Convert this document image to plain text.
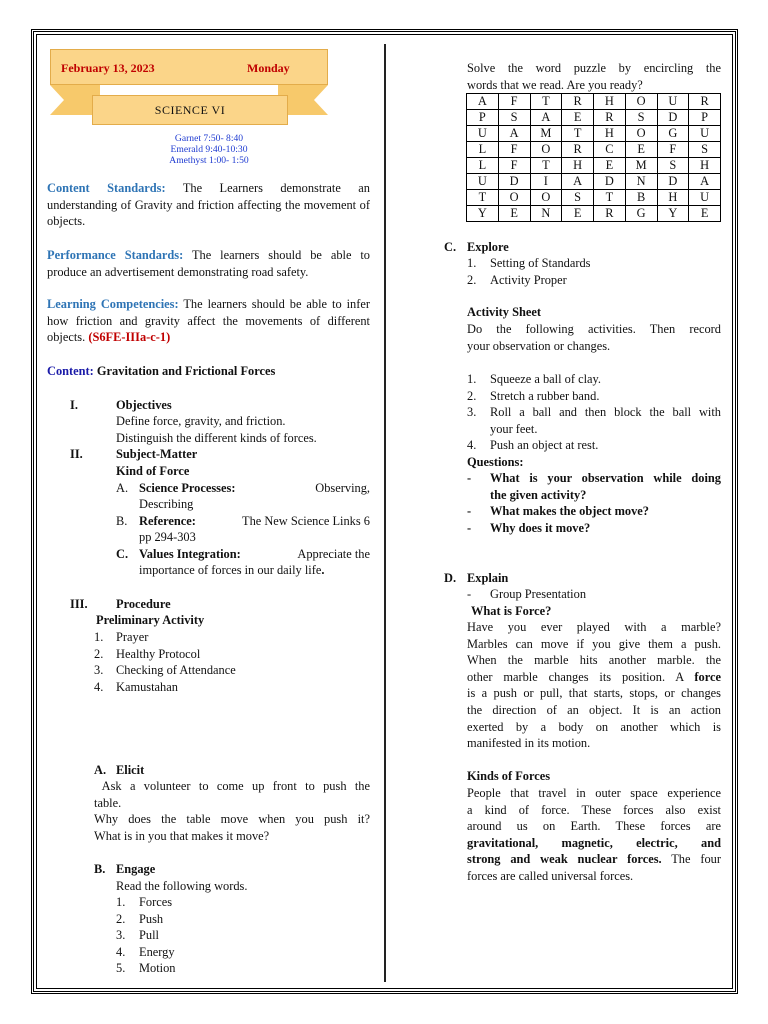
February 13, 2023	Monday
SCIENCE VI
Garnet 7:50- 8:40
Emerald 9:40-10:30
Amethyst 1:00- 1:50
Content Standards: The Learners demonstrate an understanding of Gravity and friction affecting the movement of objects.
Performance Standards: The learners should be able to produce an advertisement demonstrating road safety.
Learning Competencies: The learners should be able to infer how friction and gravity affect the movements of different objects. (S6FE-IIIa-c-1)
Content: Gravitation and Frictional Forces
I.	Objectives
Define force, gravity, and friction.
Distinguish the different kinds of forces.
II.	Subject-Matter
Kind of Force
A. Science Processes:	Observing,
Describing
B. Reference:	The New Science Links 6
pp 294-303
C. Values Integration:	Appreciate the
importance of forces in our daily life.
III. Procedure
Preliminary Activity
1.	Prayer
2.	Healthy Protocol
3.	Checking of Attendance
4.	Kamustahan
A. Elicit
Ask a volunteer to come up front to push the
table.
Why does the table move when you push it?
What is in you that makes it move?
B. Engage
Read the following words.
1.	Forces
2.	Push
3.	Pull
4.	Energy
5.	Motion
Solve the word puzzle by encircling the
words that we read. Are you ready?
A	F	T	R	H	O	U	R
P	S	A	E	R	S	D	P
U	A	M	T	H	O	G	U
L	F	O	R	C	E	F	S
L	F	T	H	E	M	S	H
U	D	I	A	D	N	D	A
T	O	O	S	T	B	H	U
Y	E	N	E	R	G	Y	E
C. Explore
1.	Setting of Standards
2.	Activity Proper
Activity Sheet
Do the following activities. Then record
your observation or changes.
1.	Squeeze a ball of clay.
2.	Stretch a rubber band.
3.	Roll a ball and then block the ball with
your feet.
4.	Push an object at rest.
Questions:
-	What is your observation while doing
the given activity?
-	What makes the object move?
-	Why does it move?
D. Explain
-	Group Presentation
What is Force?
Have you ever played with a marble?
Marbles can move if you give them a push.
When the marble hits another marble. the
other marble changes its position. A force
is a push or pull, that starts, stops, or changes
the direction of an object. It is an action
exerted by a body on another which is
manifested in its motion.
Kinds of Forces
People that travel in outer space experience
a kind of force. These forces also exist
around us on Earth. These forces are
gravitational, magnetic, electric, and
strong and weak nuclear forces. The four
forces are called universal forces.
